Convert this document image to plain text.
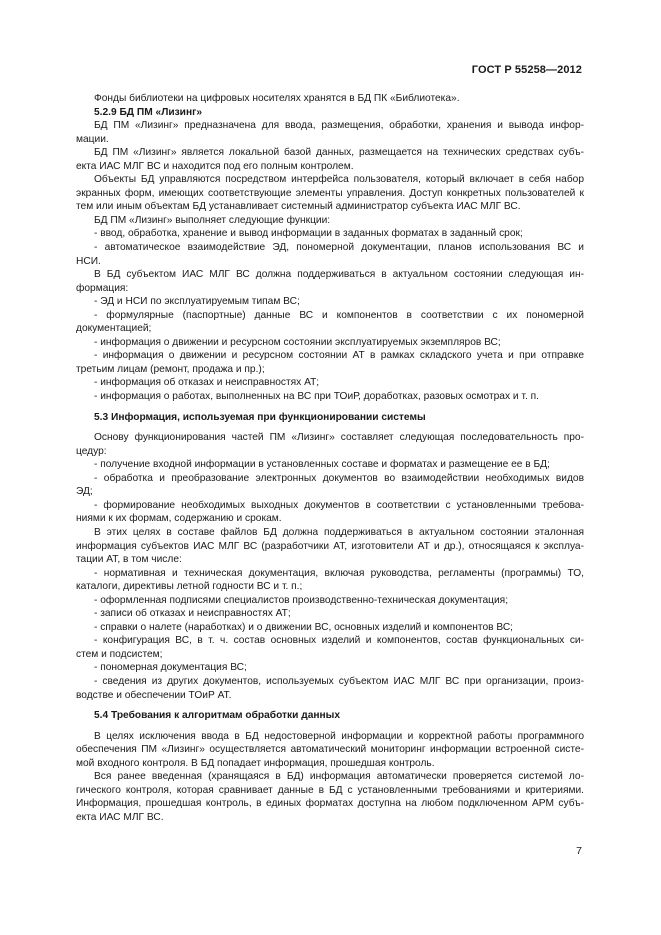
ГОСТ Р 55258—2012
Фонды библиотеки на цифровых носителях хранятся в БД ПК «Библиотека».
5.2.9 БД ПМ «Лизинг»
БД ПМ «Лизинг» предназначена для ввода, размещения, обработки, хранения и вывода инфор-
мации.
БД ПМ «Лизинг» является локальной базой данных, размещается на технических средствах субъ-
екта ИАС МЛГ ВС и находится под его полным контролем.
Объекты БД управляются посредством интерфейса пользователя, который включает в себя набор
экранных форм, имеющих соответствующие элементы управления. Доступ конкретных пользователей к
тем или иным объектам БД устанавливает системный администратор субъекта ИАС МЛГ ВС.
БД ПМ «Лизинг» выполняет следующие функции:
- ввод, обработка, хранение и вывод информации в заданных форматах в заданный срок;
- автоматическое взаимодействие ЭД, пономерной документации, планов использования ВС и
НСИ.
В БД субъектом ИАС МЛГ ВС должна поддерживаться в актуальном состоянии следующая ин-
формация:
- ЭД и НСИ по эксплуатируемым типам ВС;
- формулярные (паспортные) данные ВС и компонентов в соответствии с их пономерной
документацией;
- информация о движении и ресурсном состоянии эксплуатируемых экземпляров ВС;
- информация о движении и ресурсном состоянии АТ в рамках складского учета и при отправке
третьим лицам (ремонт, продажа и пр.);
- информация об отказах и неисправностях АТ;
- информация о работах, выполненных на ВС при ТОиР, доработках, разовых осмотрах и т. п.
5.3 Информация, используемая при функционировании системы
Основу функционирования частей ПМ «Лизинг» составляет следующая последовательность про-
цедур:
- получение входной информации в установленных составе и форматах и размещение ее в БД;
- обработка и преобразование электронных документов во взаимодействии необходимых видов
ЭД;
- формирование необходимых выходных документов в соответствии с установленными требова-
ниями к их формам, содержанию и срокам.
В этих целях в составе файлов БД должна поддерживаться в актуальном состоянии эталонная
информация субъектов ИАС МЛГ ВС (разработчики АТ, изготовители АТ и др.), относящаяся к эксплуа-
тации АТ, в том числе:
- нормативная и техническая документация, включая руководства, регламенты (программы) ТО,
каталоги, директивы летной годности ВС и т. п.;
- оформленная подписями специалистов производственно-техническая документация;
- записи об отказах и неисправностях АТ;
- справки о налете (наработках) и о движении ВС, основных изделий и компонентов ВС;
- конфигурация ВС, в т. ч. состав основных изделий и компонентов, состав функциональных си-
стем и подсистем;
- пономерная документация ВС;
- сведения из других документов, используемых субъектом ИАС МЛГ ВС при организации, произ-
водстве и обеспечении ТОиР АТ.
5.4 Требования к алгоритмам обработки данных
В целях исключения ввода в БД недостоверной информации и корректной работы программного
обеспечения ПМ «Лизинг» осуществляется автоматический мониторинг информации встроенной систе-
мой входного контроля. В БД попадает информация, прошедшая контроль.
Вся ранее введенная (хранящаяся в БД) информация автоматически проверяется системой ло-
гического контроля, которая сравнивает данные в БД с установленными требованиями и критериями.
Информация, прошедшая контроль, в единых форматах доступна на любом подключенном АРМ субъ-
екта ИАС МЛГ ВС.
7
